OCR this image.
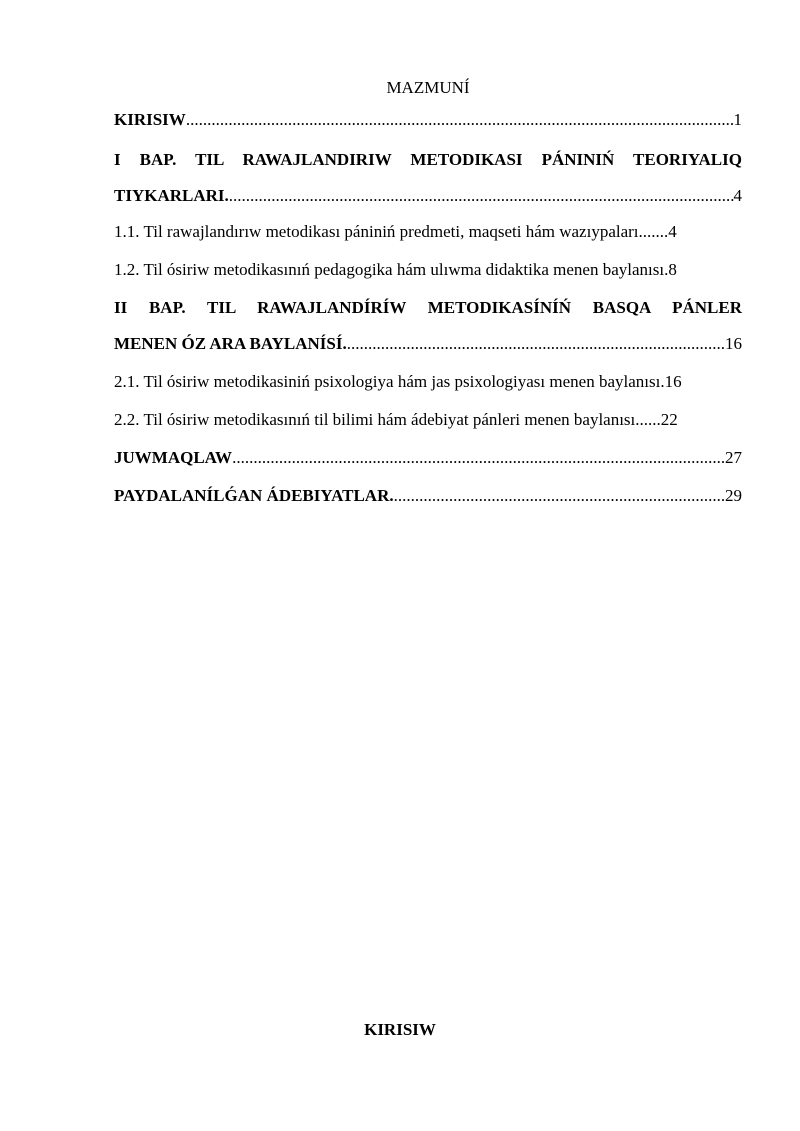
MAZMUNÍ
KIRISIW .....	1
I BAP. TIL RAWAJLANDIRIW METODIKASI PÁNINIŃ TEORIYALIQ
TIYKARLARI. .....	4
1.1. Til rawajlandırıw metodikası pániniń predmeti, maqseti hám wazıypaları....... 4
1.2. Til ósiriw metodikasınıń pedagogika hám ulıwma didaktika menen baylanısı. 8
II BAP. TIL RAWAJLANDÍRÍW METODIKASÍNÍŃ BASQA PÁNLER
MENEN ÓZ ARA BAYLANÍSÍ. .....	16
2.1. Til ósiriw metodikasiniń psixologiya hám jas psixologiyası menen baylanısı. 16
2.2. Til ósiriw metodikasınıń til bilimi hám ádebiyat pánleri menen baylanısı...... 22
JUWMAQLAW .....	27
PAYDALANÍLǴAN ÁDEBIYATLAR. .....	29
KIRISIW
